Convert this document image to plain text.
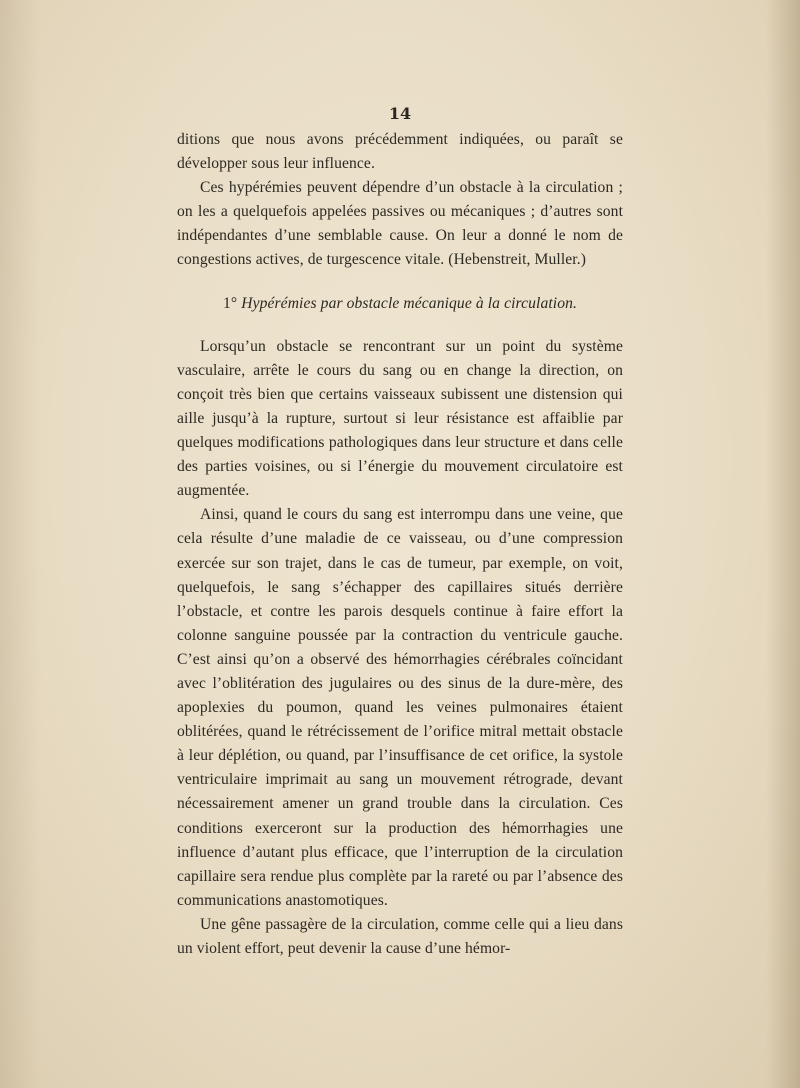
14

ditions que nous avons précédemment indiquées, ou paraît se développer sous leur influence.

Ces hypérémies peuvent dépendre d’un obstacle à la circulation ; on les a quelquefois appelées passives ou mécaniques ; d’autres sont indépendantes d’une semblable cause. On leur a donné le nom de congestions actives, de turgescence vitale. (Hebenstreit, Muller.)

1° Hypérémies par obstacle mécanique à la circulation.

Lorsqu’un obstacle se rencontrant sur un point du système vasculaire, arrête le cours du sang ou en change la direction, on conçoit très bien que certains vaisseaux subissent une distension qui aille jusqu’à la rupture, surtout si leur résistance est affaiblie par quelques modifications pathologiques dans leur structure et dans celle des parties voisines, ou si l’énergie du mouvement circulatoire est augmentée.

Ainsi, quand le cours du sang est interrompu dans une veine, que cela résulte d’une maladie de ce vaisseau, ou d’une compression exercée sur son trajet, dans le cas de tumeur, par exemple, on voit, quelquefois, le sang s’échapper des capillaires situés derrière l’obstacle, et contre les parois desquels continue à faire effort la colonne sanguine poussée par la contraction du ventricule gauche. C’est ainsi qu’on a observé des hémorrhagies cérébrales coïncidant avec l’oblitération des jugulaires ou des sinus de la dure-mère, des apoplexies du poumon, quand les veines pulmonaires étaient oblitérées, quand le rétrécissement de l’orifice mitral mettait obstacle à leur déplétion, ou quand, par l’insuffisance de cet orifice, la systole ventriculaire imprimait au sang un mouvement rétrograde, devant nécessairement amener un grand trouble dans la circulation. Ces conditions exerceront sur la production des hémorrhagies une influence d’autant plus efficace, que l’interruption de la circulation capillaire sera rendue plus complète par la rareté ou par l’absence des communications anastomotiques.

Une gêne passagère de la circulation, comme celle qui a lieu dans un violent effort, peut devenir la cause d’une hémor-
